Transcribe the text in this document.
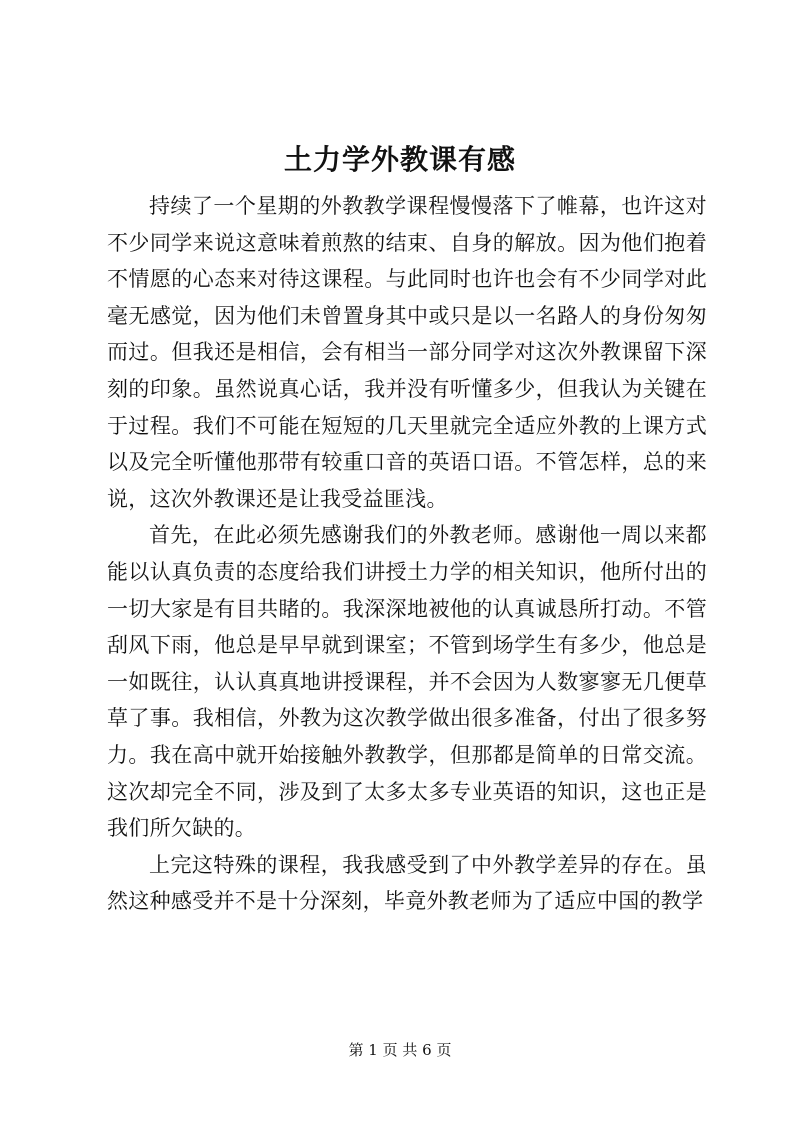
土力学外教课有感

持续了一个星期的外教教学课程慢慢落下了帷幕，也许这对不少同学来说这意味着煎熬的结束、自身的解放。因为他们抱着不情愿的心态来对待这课程。与此同时也许也会有不少同学对此毫无感觉，因为他们未曾置身其中或只是以一名路人的身份匆匆而过。但我还是相信，会有相当一部分同学对这次外教课留下深刻的印象。虽然说真心话，我并没有听懂多少，但我认为关键在于过程。我们不可能在短短的几天里就完全适应外教的上课方式以及完全听懂他那带有较重口音的英语口语。不管怎样，总的来说，这次外教课还是让我受益匪浅。

首先，在此必须先感谢我们的外教老师。感谢他一周以来都能以认真负责的态度给我们讲授土力学的相关知识，他所付出的一切大家是有目共睹的。我深深地被他的认真诚恳所打动。不管刮风下雨，他总是早早就到课室；不管到场学生有多少，他总是一如既往，认认真真地讲授课程，并不会因为人数寥寥无几便草草了事。我相信，外教为这次教学做出很多准备，付出了很多努力。我在高中就开始接触外教教学，但那都是简单的日常交流。这次却完全不同，涉及到了太多太多专业英语的知识，这也正是我们所欠缺的。

上完这特殊的课程，我我感受到了中外教学差异的存在。虽然这种感受并不是十分深刻，毕竟外教老师为了适应中国的教学

第 1 页 共 6 页
